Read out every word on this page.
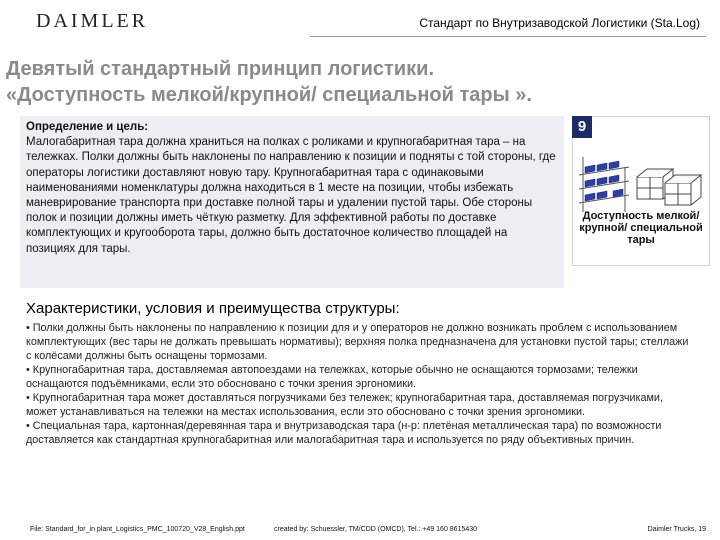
DAIMLER	Стандарт по Внутризаводской Логистики (Sta.Log)
Девятый стандартный принцип логистики.
«Доступность мелкой/крупной/ специальной тары ».
Определение и цель:
Малогабаритная тара должна храниться на полках с роликами и крупногабаритная тара – на тележках. Полки должны быть наклонены по направлению к позиции и подняты с той стороны, где операторы логистики доставляют новую тару. Крупногабаритная тара с одинаковыми наименованиями номенклатуры должна находиться в 1 месте на позиции, чтобы избежать маневрирование транспорта при доставке полной тары и удалении пустой тары. Обе стороны полок и позиции должны иметь чёткую разметку. Для эффективной работы по доставке комплектующих и кругооборота тары, должно быть достаточное количество площадей на позициях для тары.
9
Доступность мелкой/крупной/ специальной тары
Характеристики, условия и преимущества структуры:

• Полки должны быть наклонены по направлению к позиции для и у операторов не должно возникать проблем с использованием комплектующих (вес тары не должать превышать нормативы); верхняя полка предназначена для установки пустой тары; стеллажи с колёсами должны быть оснащены тормозами.

• Крупногабаритная тара, доставляемая автопоездами на тележках, которые обычно не оснащаются тормозами; тележки оснащаются подъёмниками, если это обосновано с точки зрения эргономики.

• Крупногабаритная тара может доставляться погрузчиками без тележек; крупногабаритная тара, доставляемая погрузчиками, может устанавливаться на тележки на местах использования, если это обосновано с точки зрения эргономики.

• Специальная тара, картонная/деревянная тара и внутризаводская тара (н-р: плетёная металлическая тара) по возможности доставляется как стандартная крупногабаритная или малогабаритная тара и используется по ряду объективных причин.

File: Standard_for_in plant_Logistics_PMC_100720_V28_English.ppt	created by: Schuessler, TM/CDD (OMCD), Tel.: +49 160 8615430	Daimler Trucks, 19
